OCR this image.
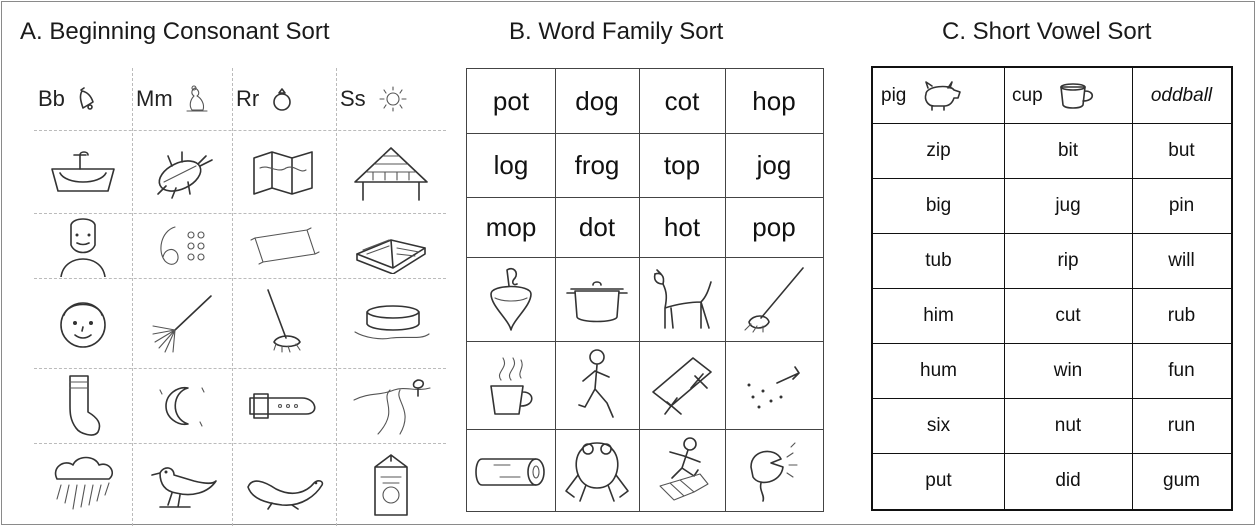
A. Beginning Consonant Sort
Bb	Mm	Rr	Ss
B. Word Family Sort
pot	dog	cot	hop
log	frog	top	jog
mop	dot	hot	pop
C. Short Vowel Sort
pig	cup	oddball
zip	bit	but
big	jug	pin
tub	rip	will
him	cut	rub
hum	win	fun
six	nut	run
put	did	gum
